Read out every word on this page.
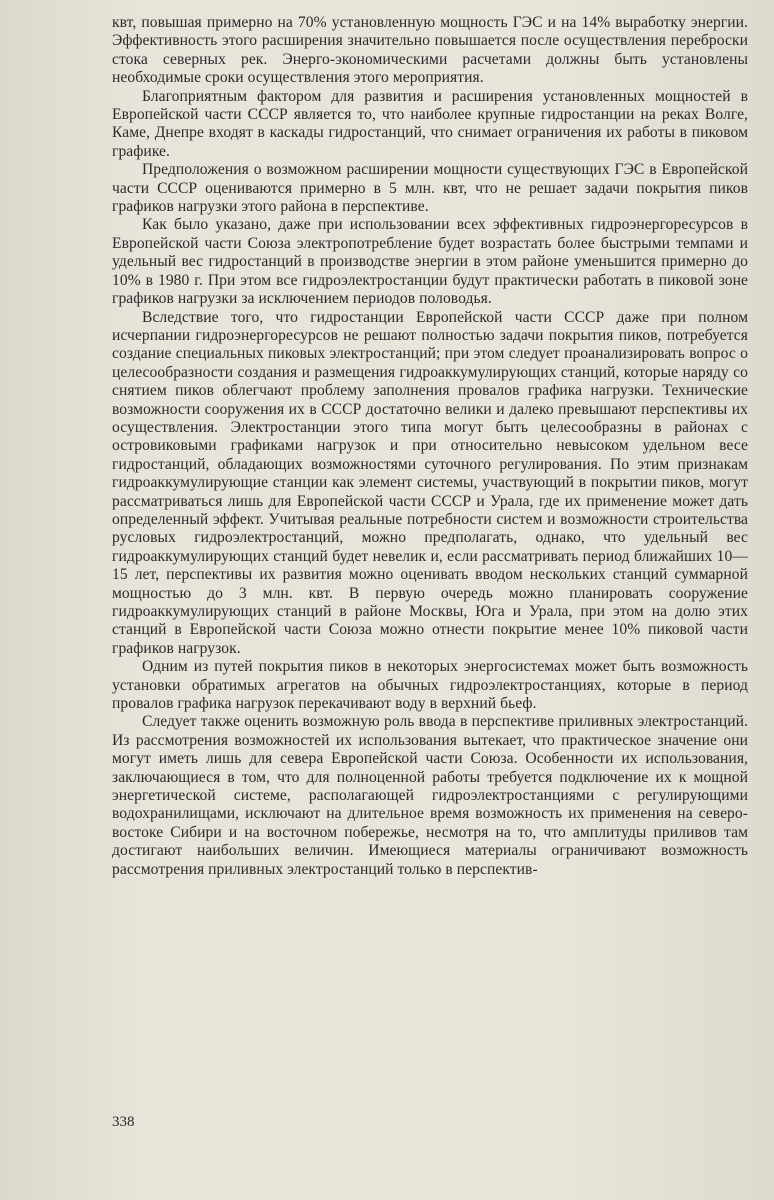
квт, повышая примерно на 70% установленную мощность ГЭС и на 14% выработку энергии. Эффективность этого расширения значительно повышается после осуществления переброски стока северных рек. Энерго-экономическими расчетами должны быть установлены необходимые сроки осуществления этого мероприятия.

Благоприятным фактором для развития и расширения установленных мощностей в Европейской части СССР является то, что наиболее крупные гидростанции на реках Волге, Каме, Днепре входят в каскады гидростанций, что снимает ограничения их работы в пиковом графике.

Предположения о возможном расширении мощности существующих ГЭС в Европейской части СССР оцениваются примерно в 5 млн. квт, что не решает задачи покрытия пиков графиков нагрузки этого района в перспективе.

Как было указано, даже при использовании всех эффективных гидроэнергоресурсов в Европейской части Союза электропотребление будет возрастать более быстрыми темпами и удельный вес гидростанций в производстве энергии в этом районе уменьшится примерно до 10% в 1980 г. При этом все гидроэлектростанции будут практически работать в пиковой зоне графиков нагрузки за исключением периодов половодья.

Вследствие того, что гидростанции Европейской части СССР даже при полном исчерпании гидроэнергоресурсов не решают полностью задачи покрытия пиков, потребуется создание специальных пиковых электростанций; при этом следует проанализировать вопрос о целесообразности создания и размещения гидроаккумулирующих станций, которые наряду со снятием пиков облегчают проблему заполнения провалов графика нагрузки. Технические возможности сооружения их в СССР достаточно велики и далеко превышают перспективы их осуществления. Электростанции этого типа могут быть целесообразны в районах с островиковыми графиками нагрузок и при относительно невысоком удельном весе гидростанций, обладающих возможностями суточного регулирования. По этим признакам гидроаккумулирующие станции как элемент системы, участвующий в покрытии пиков, могут рассматриваться лишь для Европейской части СССР и Урала, где их применение может дать определенный эффект. Учитывая реальные потребности систем и возможности строительства русловых гидроэлектростанций, можно предполагать, однако, что удельный вес гидроаккумулирующих станций будет невелик и, если рассматривать период ближайших 10—15 лет, перспективы их развития можно оценивать вводом нескольких станций суммарной мощностью до 3 млн. квт. В первую очередь можно планировать сооружение гидроаккумулирующих станций в районе Москвы, Юга и Урала, при этом на долю этих станций в Европейской части Союза можно отнести покрытие менее 10% пиковой части графиков нагрузок.

Одним из путей покрытия пиков в некоторых энергосистемах может быть возможность установки обратимых агрегатов на обычных гидроэлектростанциях, которые в период провалов графика нагрузок перекачивают воду в верхний бьеф.

Следует также оценить возможную роль ввода в перспективе приливных электростанций. Из рассмотрения возможностей их использования вытекает, что практическое значение они могут иметь лишь для севера Европейской части Союза. Особенности их использования, заключающиеся в том, что для полноценной работы требуется подключение их к мощной энергетической системе, располагающей гидроэлектростанциями с регулирующими водохранилищами, исключают на длительное время возможность их применения на северо-востоке Сибири и на восточном побережье, несмотря на то, что амплитуды приливов там достигают наибольших величин. Имеющиеся материалы ограничивают возможность рассмотрения приливных электростанций только в перспектив-

338
